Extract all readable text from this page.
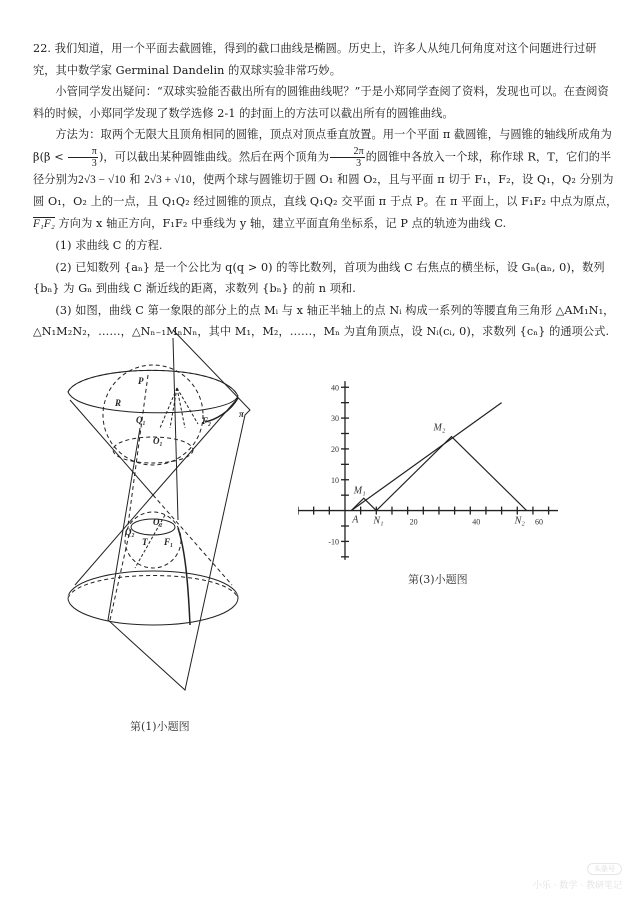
22. 我们知道，用一个平面去截圆锥，得到的截口曲线是椭圆。历史上，许多人从纯几何角度对这个问题进行过研究，其中数学家 Germinal Dandelin 的双球实验非常巧妙。

小管同学发出疑问：“双球实验能否截出所有的圆锥曲线呢？”于是小郑同学查阅了资料，发现也可以。在查阅资料的时候，小郑同学发现了数学选修 2-1 的封面上的方法可以截出所有的圆锥曲线。

方法为：取两个无限大且顶角相同的圆锥，顶点对顶点垂直放置。用一个平面 π 截圆锥，与圆锥的轴线所成角为 $\beta(\beta < \frac{\pi}{3}$ )，可以截出某种圆锥曲线。然后在两个顶角为 $\frac{2\pi}{3}$ 的圆锥中各放入一个球，称作球 R，T，它们的半径分别为2√3 − √10 和 2√3 + √10，使两个球与圆锥切于圆 O₁ 和圆 O₂，且与平面 π 切于 F₁，F₂，设 Q₁，Q₂ 分别为圆 O₁，O₂ 上的一点，且 Q₁Q₂ 经过圆锥的顶点，直线 Q₁Q₂ 交平面 π 于点 P。在 π 平面上，以 F₁F₂ 中点为原点，F₁F₂ 方向为 x 轴正方向，F₁F₂ 中垂线为 y 轴，建立平面直角坐标系，记 P 点的轨迹为曲线 C.

(1) 求曲线 C 的方程.

(2) 已知数列 {aₙ} 是一个公比为 q(q > 0) 的等比数列，首项为曲线 C 右焦点的横坐标，设 Gₙ(aₙ, 0)，数列 {bₙ} 为 Gₙ 到曲线 C 渐近线的距离，求数列 {bₙ} 的前 n 项和.

(3) 如图，曲线 C 第一象限的部分上的点 Mᵢ 与 x 轴正半轴上的点 Nᵢ 构成一系列的等腰直角三角形 △AM₁N₁，△N₁M₂N₂，……，△Nₙ₋₁MₙNₙ，其中 M₁，M₂，……，Mₙ 为直角顶点，设 Nᵢ(cᵢ, 0)，求数列 {cₙ} 的通项公式.

P
R
Q₁
O₁
F₂
π
O₂
Q₂
T F₁
第(1)小题图
20	40	60
-10
10
20
30
40
A
M₁
N₁
M₂
N₂
第(3)小题图
头条号
小乐 · 数学 · 教研笔记
